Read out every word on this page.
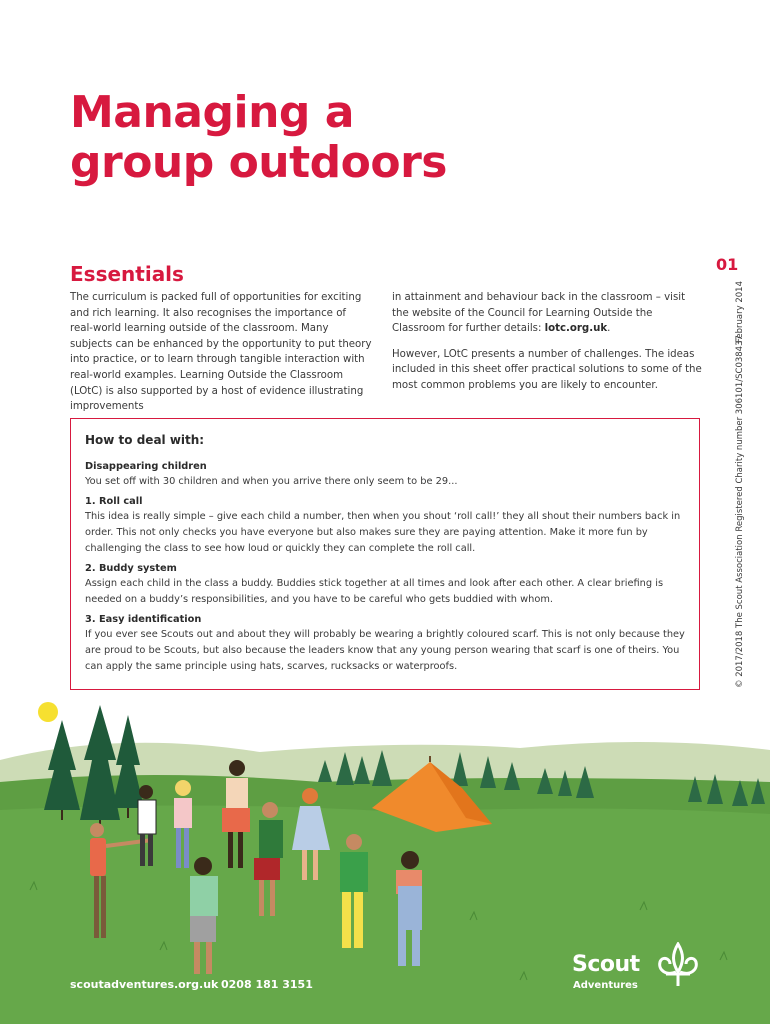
Managing a
group outdoors
Essentials	01
© 2017/2018 The Scout Association Registered Charity number 306101/SC038437
February 2014

The curriculum is packed full of opportunities for exciting and rich learning. It also recognises the importance of real-world learning outside of the classroom. Many subjects can be enhanced by the opportunity to put theory into practice, or to learn through tangible interaction with real-world examples. Learning Outside the Classroom (LOtC) is also supported by a host of evidence illustrating improvements

in attainment and behaviour back in the classroom – visit the website of the Council for Learning Outside the Classroom for further details: lotc.org.uk.

However, LOtC presents a number of challenges. The ideas included in this sheet offer practical solutions to some of the most common problems you are likely to encounter.

How to deal with:
Disappearing children
You set off with 30 children and when you arrive there only seem to be 29...
1. Roll call
This idea is really simple – give each child a number, then when you shout ‘roll call!’ they all shout their numbers back in order. This not only checks you have everyone but also makes sure they are paying attention. Make it more fun by challenging the class to see how loud or quickly they can complete the roll call.
2. Buddy system
Assign each child in the class a buddy. Buddies stick together at all times and look after each other. A clear briefing is needed on a buddy’s responsibilities, and you have to be careful who gets buddied with whom.
3. Easy identification
If you ever see Scouts out and about they will probably be wearing a brightly coloured scarf. This is not only because they are proud to be Scouts, but also because the leaders know that any young person wearing that scarf is one of theirs. You can apply the same principle using hats, scarves, rucksacks or waterproofs.
scoutadventures.org.uk 0208 181 3151
Scout
Adventures
